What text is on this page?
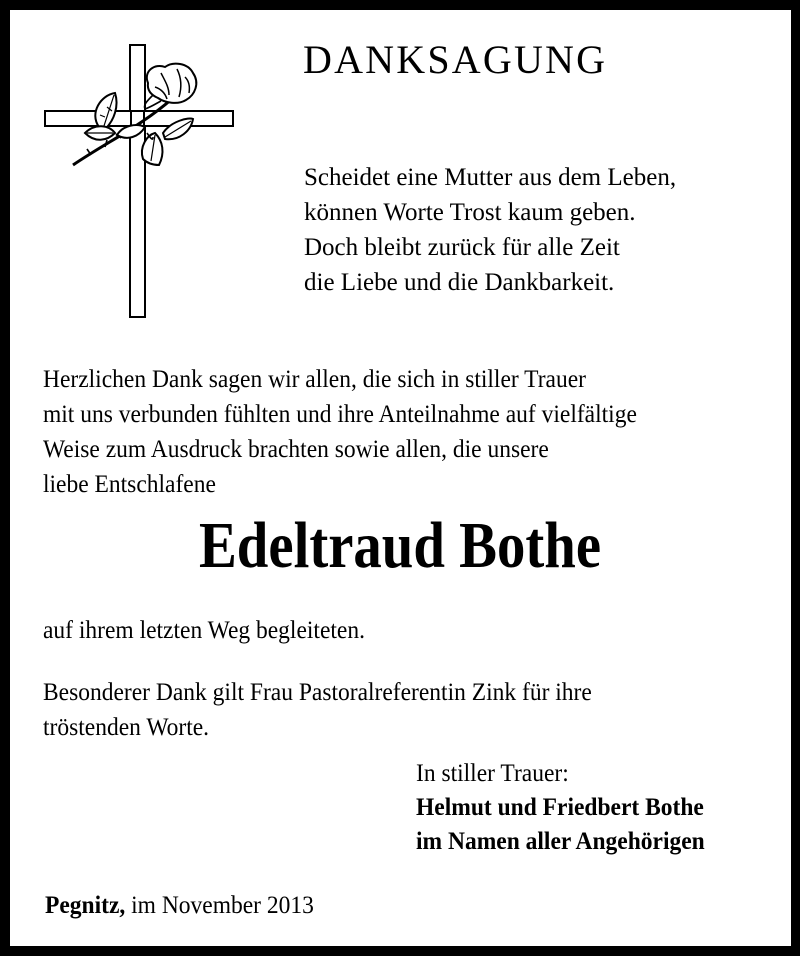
DANKSAGUNG
Scheidet eine Mutter aus dem Leben,
können Worte Trost kaum geben.
Doch bleibt zurück für alle Zeit
die Liebe und die Dankbarkeit.
Herzlichen Dank sagen wir allen, die sich in stiller Trauer
mit uns verbunden fühlten und ihre Anteilnahme auf vielfältige
Weise zum Ausdruck brachten sowie allen, die unsere
liebe Entschlafene
Edeltraud Bothe
auf ihrem letzten Weg begleiteten.
Besonderer Dank gilt Frau Pastoralreferentin Zink für ihre
tröstenden Worte.
In stiller Trauer:
Helmut und Friedbert Bothe
im Namen aller Angehörigen
Pegnitz, im November 2013
